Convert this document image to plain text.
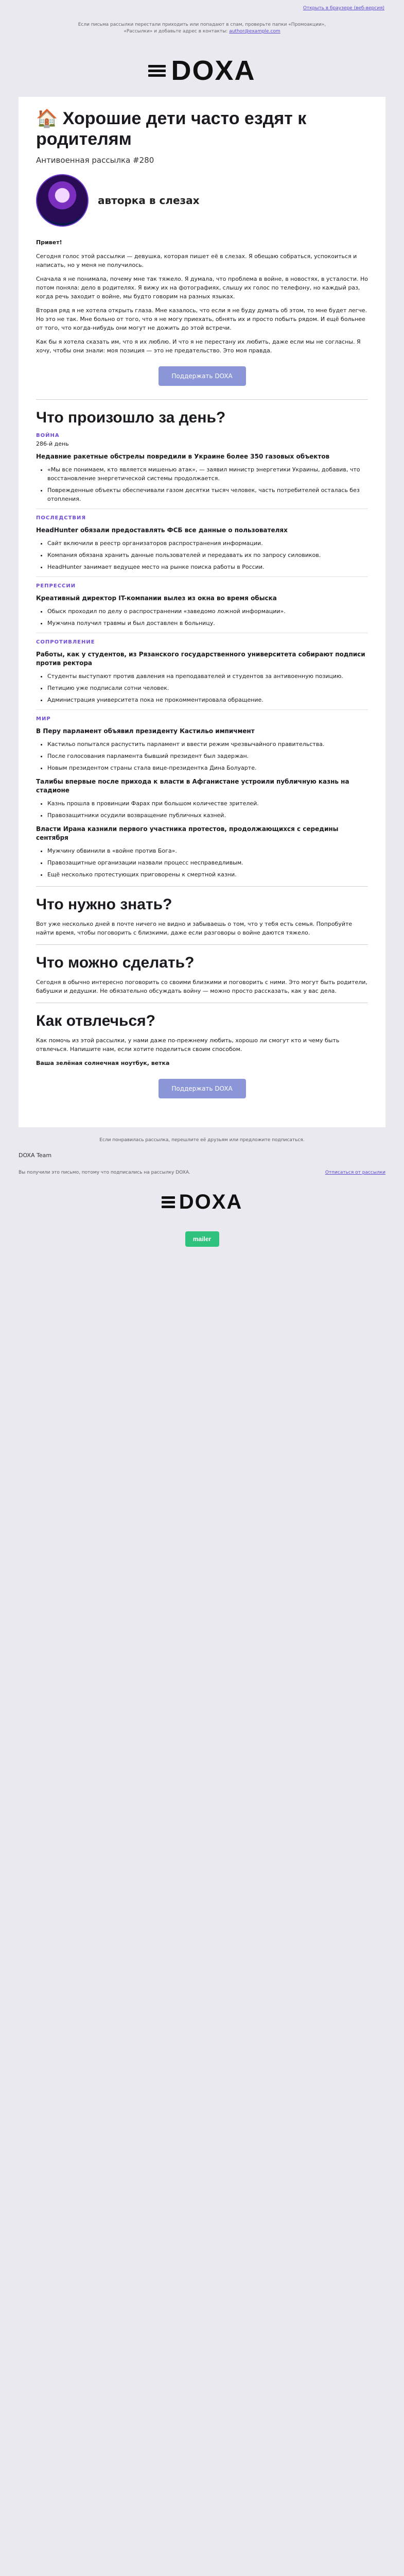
Открыть в браузере (веб-версия)
Если письма рассылки перестали приходить или попадают в спам, проверьте папки «Промоакции»,
«Рассылки» и добавьте адрес в контакты: author@example.com
DOXA
🏠 Хорошие дети часто ездят к родителям
Антивоенная рассылка #280
авторка в слезах

Привет!

Сегодня голос этой рассылки — девушка, которая пишет её в слезах. Я обещаю собраться, успокоиться и написать, но у меня не получилось.

Сначала я не понимала, почему мне так тяжело. Я думала, что проблема в войне, в новостях, в усталости. Но потом поняла: дело в родителях. Я вижу их на фотографиях, слышу их голос по телефону, но каждый раз, когда речь заходит о войне, мы будто говорим на разных языках.

Вторая ряд я не хотела открыть глаза. Мне казалось, что если я не буду думать об этом, то мне будет легче. Но это не так. Мне больно от того, что я не могу приехать, обнять их и просто побыть рядом. И ещё больнее от того, что когда-нибудь они могут не дожить до этой встречи.

Как бы я хотела сказать им, что я их люблю. И что я не перестану их любить, даже если мы не согласны. Я хочу, чтобы они знали: моя позиция — это не предательство. Это моя правда.

Поддержать DOXA
Что произошло за день?
ВОЙНА
286-й день
Недавние ракетные обстрелы повредили в Украине более 350 газовых объектов
• «Мы все понимаем, кто является мишенью атак», — заявил министр энергетики Украины, добавив, что восстановление энергетической системы продолжается.
• Поврежденные объекты обеспечивали газом десятки тысяч человек, часть потребителей осталась без отопления.
ПОСЛЕДСТВИЯ
HeadHunter обязали предоставлять ФСБ все данные о пользователях
• Сайт включили в реестр организаторов распространения информации.
• Компания обязана хранить данные пользователей и передавать их по запросу силовиков.
• HeadHunter занимает ведущее место на рынке поиска работы в России.
РЕПРЕССИИ
Креативный директор IT-компании вылез из окна во время обыска
• Обыск проходил по делу о распространении «заведомо ложной информации».
• Мужчина получил травмы и был доставлен в больницу.
СОПРОТИВЛЕНИЕ
Работы, как у студентов, из Рязанского государственного университета собирают подписи против ректора
• Студенты выступают против давления на преподавателей и студентов за антивоенную позицию.
• Петицию уже подписали сотни человек.
• Администрация университета пока не прокомментировала обращение.
МИР
В Перу парламент объявил президенту Кастильо импичмент
• Кастильо попытался распустить парламент и ввести режим чрезвычайного правительства.
• После голосования парламента бывший президент был задержан.
• Новым президентом страны стала вице-президентка Дина Болуарте.
Талибы впервые после прихода к власти в Афганистане устроили публичную казнь на стадионе
• Казнь прошла в провинции Фарах при большом количестве зрителей.
• Правозащитники осудили возвращение публичных казней.
Власти Ирана казнили первого участника протестов, продолжающихся с середины сентября
• Мужчину обвинили в «войне против Бога».
• Правозащитные организации назвали процесс несправедливым.
• Ещё несколько протестующих приговорены к смертной казни.
Что нужно знать?

Вот уже несколько дней в почте ничего не видно и забываешь о том, что у тебя есть семья. Попробуйте найти время, чтобы поговорить с близкими, даже если разговоры о войне даются тяжело.

Что можно сделать?

Сегодня в обычно интересно поговорить со своими близкими и поговорить с ними. Это могут быть родители, бабушки и дедушки. Не обязательно обсуждать войну — можно просто рассказать, как у вас дела.

Как отвлечься?

Как помочь из этой рассылки, у нами даже по-прежнему любить, хорошо ли смогут кто и чему быть отвлечься. Напишите нам, если хотите поделиться своим способом.

Ваша зелёная солнечная ноутбук, ветка

Поддержать DOXA
Если понравилась рассылка, перешлите её друзьям или предложите подписаться.
DOXA Team
Вы получили это письмо, потому что подписались на рассылку DOXA.	Отписаться от рассылки
DOXA
mailer
